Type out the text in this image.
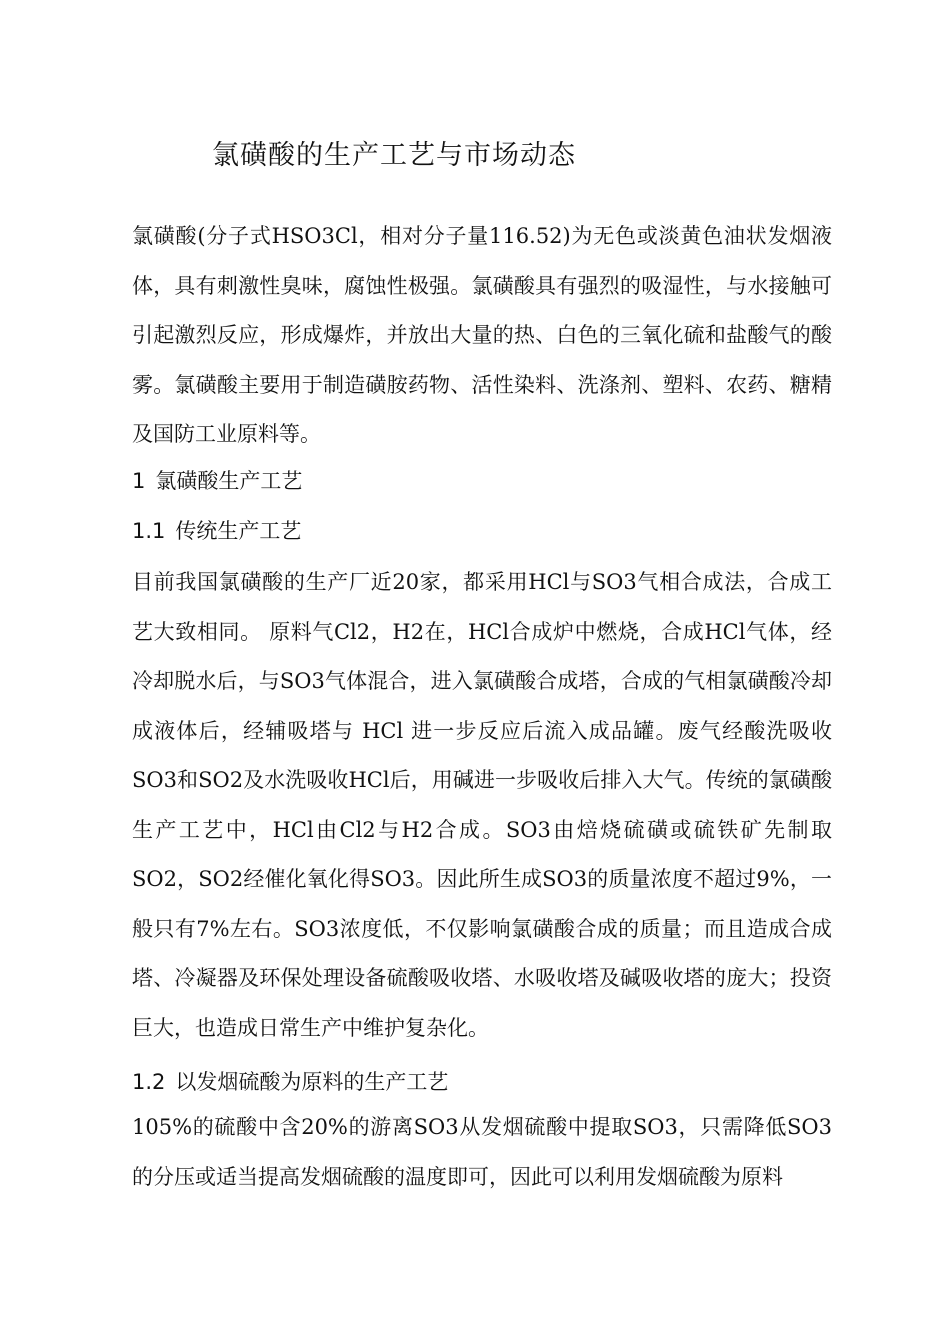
氯磺酸的生产工艺与市场动态

氯磺酸(分子式HSO3Cl，相对分子量116.52)为无色或淡黄色油状发烟液体，具有刺激性臭味，腐蚀性极强。氯磺酸具有强烈的吸湿性，与水接触可引起激烈反应，形成爆炸，并放出大量的热、白色的三氧化硫和盐酸气的酸雾。氯磺酸主要用于制造磺胺药物、活性染料、洗涤剂、塑料、农药、糖精及国防工业原料等。

1 氯磺酸生产工艺
1.1 传统生产工艺

目前我国氯磺酸的生产厂近20家，都采用HCl与SO3气相合成法，合成工艺大致相同。 原料气Cl2，H2在，HCl合成炉中燃烧，合成HCl气体，经冷却脱水后，与SO3气体混合，进入氯磺酸合成塔，合成的气相氯磺酸冷却成液体后，经辅吸塔与 HCl 进一步反应后流入成品罐。废气经酸洗吸收SO3和SO2及水洗吸收HCl后，用碱进一步吸收后排入大气。传统的氯磺酸生产工艺中，HCl由Cl2与H2合成。SO3由焙烧硫磺或硫铁矿先制取SO2，SO2经催化氧化得SO3。因此所生成SO3的质量浓度不超过9%，一般只有7%左右。SO3浓度低，不仅影响氯磺酸合成的质量；而且造成合成塔、冷凝器及环保处理设备硫酸吸收塔、水吸收塔及碱吸收塔的庞大；投资巨大，也造成日常生产中维护复杂化。

1.2 以发烟硫酸为原料的生产工艺

105%的硫酸中含20%的游离SO3从发烟硫酸中提取SO3，只需降低SO3的分压或适当提高发烟硫酸的温度即可，因此可以利用发烟硫酸为原料
